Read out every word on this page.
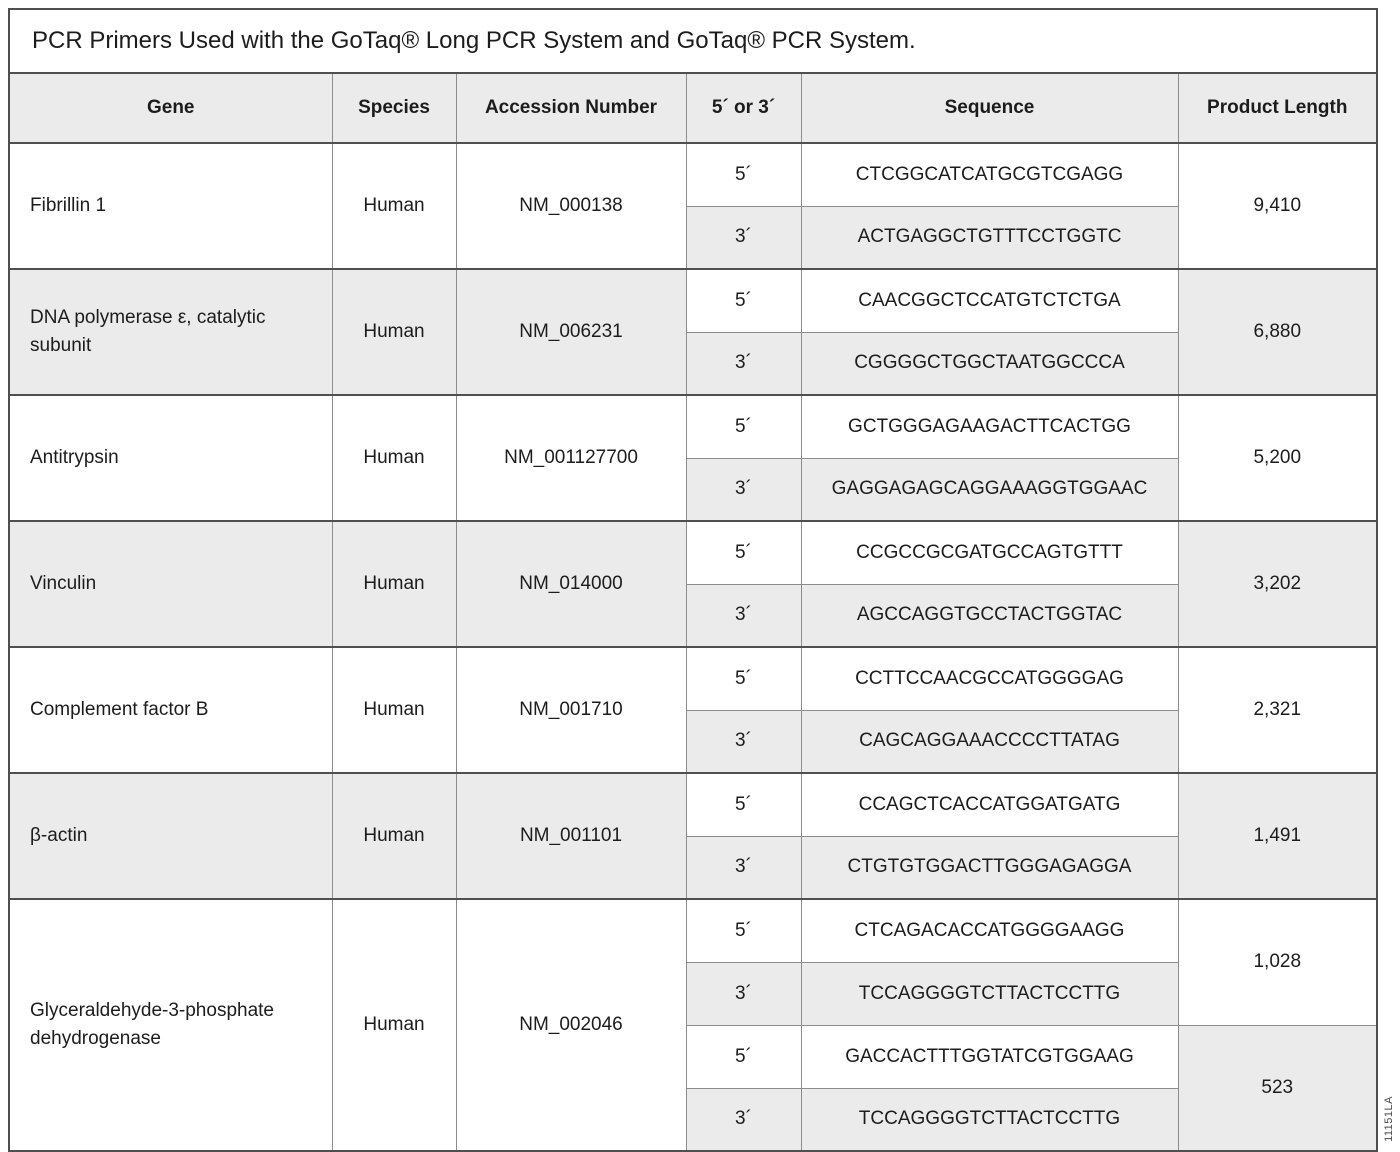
PCR Primers Used with the GoTaq® Long PCR System and GoTaq® PCR System.					
Gene	Species	Accession Number	5´ or 3´	Sequence	Product Length
Fibrillin 1	Human	NM_000138	5´	CTCGGCATCATGCGTCGAGG	9,410
			3´	ACTGAGGCTGTTTCCTGGTC	
DNA polymerase ε, catalytic subunit	Human	NM_006231	5´	CAACGGCTCCATGTCTCTGA	6,880
			3´	CGGGGCTGGCTAATGGCCCA	
Antitrypsin	Human	NM_001127700	5´	GCTGGGAGAAGACTTCACTGG	5,200
			3´	GAGGAGAGCAGGAAAGGTGGAAC	
Vinculin	Human	NM_014000	5´	CCGCCGCGATGCCAGTGTTT	3,202
			3´	AGCCAGGTGCCTACTGGTAC	
Complement factor B	Human	NM_001710	5´	CCTTCCAACGCCATGGGGAG	2,321
			3´	CAGCAGGAAACCCCTTATAG	
β-actin	Human	NM_001101	5´	CCAGCTCACCATGGATGATG	1,491
			3´	CTGTGTGGACTTGGGAGAGGA	
Glyceraldehyde-3-phosphate dehydrogenase	Human	NM_002046	5´	CTCAGACACCATGGGGAAGG	1,028
			3´	TCCAGGGGTCTTACTCCTTG	
			5´	GACCACTTTGGTATCGTGGAAG	523
			3´	TCCAGGGGTCTTACTCCTTG		11151LA
